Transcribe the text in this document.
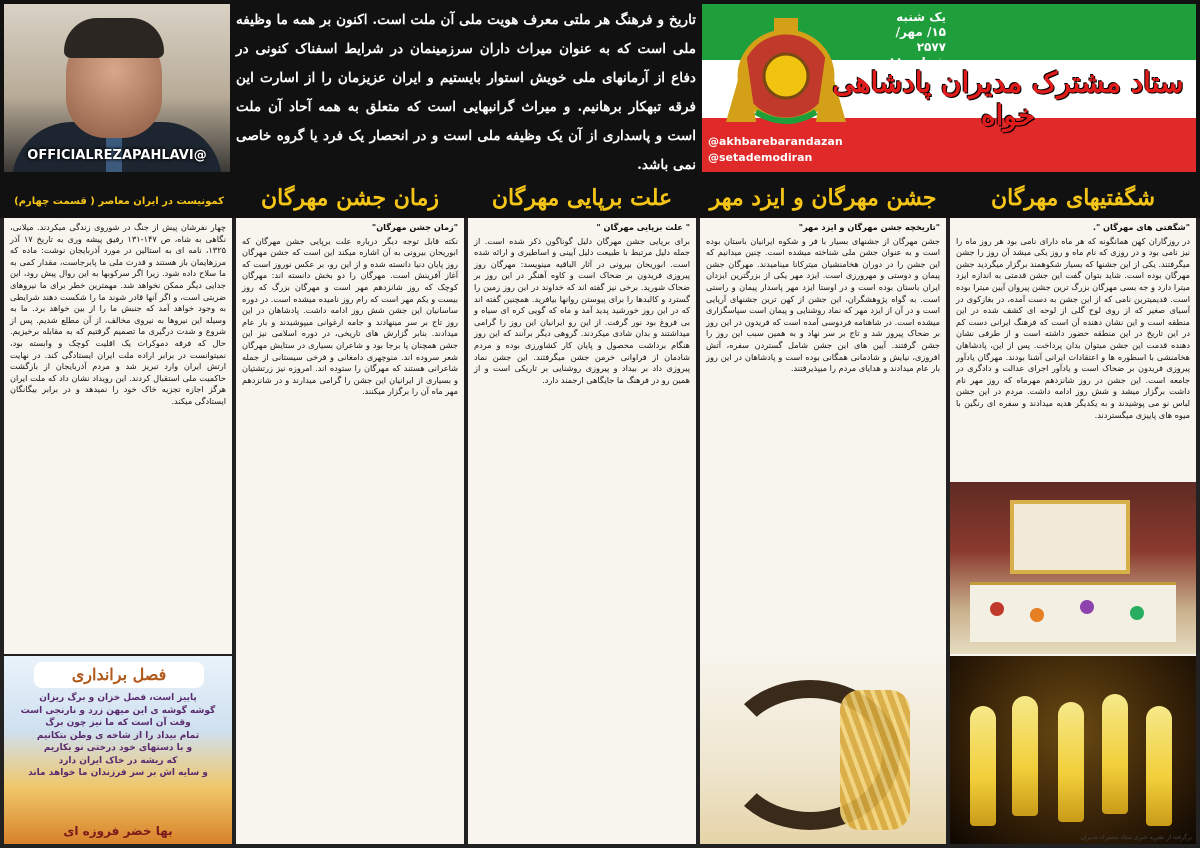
@OFFICIALREZAPAHLAVI
تاریخ و فرهنگ هر ملتی معرف هویت ملی آن ملت است. اکنون بر همه ما وظیفه ملی است که به عنوان میراث داران سرزمینمان در شرایط اسفناک کنونی در دفاع از آرمانهای ملی خویش استوار بایستیم و ایران عزیزمان را از اسارت این فرقه تبهکار برهانیم. و میراث گرانبهایی است که متعلق به همه آحاد آن ملت است و پاسداری از آن یک وظیفه ملی است و در انحصار یک فرد یا گروه خاصی نمی باشد.
یک شنبه
۱۵/ مهر/ ۲۵۷۷
شماره ۱۱
ستاد مشترک مدیران پادشاهی خواه
@akhbarebarandazan
@setademodiran
شگفتیهای مهرگان
جشن مهرگان و ایزد مهر
علت برپایی مهرگان
زمان جشن مهرگان
کمونیست در ایران معاصر ( قسمت چهارم)
"شگفتی های مهرگان ".

در روزگاران کهن همانگونه که هر ماه دارای نامی بود هر روز ماه را نیز نامی بود و در روزی که نام ماه و روز یکی میشد آن روز را جشن میگرفتند. یکی از این جشنها که بسیار شکوهمند برگزار میگردید جشن مهرگان بوده است. شاید بتوان گفت این جشن قدمتی به اندازه ایزد میترا دارد و جه بسی مهرگان بزرگ ترین جشن پیروان آیین میترا بوده است. قدیمیترین نامی که از این جشن به دست آمده، در بغازکوی در آسیای صغیر که از روی لوح گلی از لوحه ای کشف شده در این منطقه است و این نشان دهنده آن است که فرهنگ ایرانی دست کم در این تاریخ در این منطقه حضور داشته است و از طرفی نشان دهنده قدمت این جشن میتوان بدان پرداخت. پس از این، پادشاهان هخامنشی با اسطوره ها و اعتقادات ایرانی آشنا بودند. مهرگان یادآور پیروزی فریدون بر ضحاک است و یادآور اجرای عدالت و دادگری در جامعه است. این جشن در روز شانزدهم مهرماه که روز مهر نام داشت برگزار میشد و شش روز ادامه داشت. مردم در این جشن لباس نو می پوشیدند و به یکدیگر هدیه میدادند و سفره ای رنگین با میوه های پاییزی میگستردند.

"تاریخچه جشن مهرگان و ایزد مهر"

جشن مهرگان از جشنهای بسیار با فر و شکوه ایرانیان باستان بوده است و به عنوان جشن ملی شناخته میشده است. چنین میدانیم که این جشن را در دوران هخامنشیان میترکانا مینامیدند. مهرگان جشن پیمان و دوستی و مهرورزی است. ایزد مهر یکی از بزرگترین ایزدان ایران باستان بوده است و در اوستا ایزد مهر پاسدار پیمان و راستی است. به گواه پژوهشگران، این جشن از کهن ترین جشنهای آریایی است و در آن از ایزد مهر که نماد روشنایی و پیمان است سپاسگزاری میشده است. در شاهنامه فردوسی آمده است که فریدون در این روز بر ضحاک پیروز شد و تاج بر سر نهاد و به همین سبب این روز را جشن گرفتند. آیین های این جشن شامل گستردن سفره، آتش افروزی، نیایش و شادمانی همگانی بوده است و پادشاهان در این روز بار عام میدادند و هدایای مردم را میپذیرفتند.

" علت برپایی مهرگان "

برای برپایی جشن مهرگان دلیل گوناگون ذکر شده است. از جمله دلیل مرتبط با طبیعت دلیل آیینی و اساطیری و ارائه شده است. ابوریحان بیرونی در آثار الباقیه مینویسد: مهرگان روز پیروزی فریدون بر ضحاک است و کاوه آهنگر در این روز بر ضحاک شورید. برخی نیز گفته اند که خداوند در این روز زمین را گسترد و کالبدها را برای پیوستن روانها بیافرید. همچنین گفته اند که در این روز خورشید پدید آمد و ماه که گویی کره ای سیاه و بی فروغ بود نور گرفت. از این رو ایرانیان این روز را گرامی میداشتند و بدان شادی میکردند. گروهی دیگر برآنند که این روز هنگام برداشت محصول و پایان کار کشاورزی بوده و مردم شادمان از فراوانی خرمن جشن میگرفتند. این جشن نماد پیروزی داد بر بیداد و پیروزی روشنایی بر تاریکی است و از همین رو در فرهنگ ما جایگاهی ارجمند دارد.

"زمان جشن مهرگان"

نکته قابل توجه دیگر درباره علت برپایی جشن مهرگان که ابوریحان بیرونی به آن اشاره میکند این است که جشن مهرگان روز پایان دنیا دانسته شده و از این رو، بر عکس نوروز است که آغاز آفرینش است. مهرگان را دو بخش دانسته اند: مهرگان کوچک که روز شانزدهم مهر است و مهرگان بزرگ که روز بیست و یکم مهر است که رام روز نامیده میشده است. در دوره ساسانیان این جشن شش روز ادامه داشت. پادشاهان در این روز تاج بر سر مینهادند و جامه ارغوانی میپوشیدند و بار عام میدادند. بنابر گزارش های تاریخی، در دوره اسلامی نیز این جشن همچنان پا برجا بود و شاعران بسیاری در ستایش مهرگان شعر سروده اند. منوچهری دامغانی و فرخی سیستانی از جمله شاعرانی هستند که مهرگان را ستوده اند. امروزه نیز زرتشتیان و بسیاری از ایرانیان این جشن را گرامی میدارند و در شانزدهم مهر ماه آن را برگزار میکنند.

چهار نفرشان پیش از جنگ در شوروی زندگی میکردند. میلانی، نگاهی به شاه، ص ۱۴۷-۱۳۱ رفیق پیشه وری به تاریخ ۱۷ آذر ۱۳۲۵، نامه ای به استالین در مورد آذربایجان نوشت: ماده که مرزهایمان باز هستند و قدرت ملی ما پابرجاست، مقدار کمی به ما سلاح داده شود. زیرا اگر سرکوبها به این روال پیش رود، این جدایی دیگر ممکن نخواهد شد. مهمترین خطر برای ما نیروهای ضربتی است، و اگر آنها قادر شوند ما را شکست دهند شرایطی به وجود خواهد آمد که جنبش ما را از بین خواهد برد. ما به وسیله این نیروها به نیروی مخالف، از آن مطلع شدیم. پس از شروع و شدت درگیری ما تصمیم گرفتیم که به مقابله برخیزیم. حال که فرقه دموکرات یک اقلیت کوچک و وابسته بود، نمیتوانست در برابر اراده ملت ایران ایستادگی کند. در نهایت ارتش ایران وارد تبریز شد و مردم آذربایجان از بازگشت حاکمیت ملی استقبال کردند. این رویداد نشان داد که ملت ایران هرگز اجازه تجزیه خاک خود را نمیدهد و در برابر بیگانگان ایستادگی میکند.

فصل برانداری
پاییز است، فصل خزان و برگ ریزان
گوشه گوشه ی این میهن زرد و نارنجی است
وقت آن است که ما نیز چون برگ
تمام بیداد را از شاخه ی وطن بتکانیم
و با دستهای خود درختی نو بکاریم
که ریشه در خاک ایران دارد
و سایه اش بر سر فرزندان ما خواهد ماند
بها خضر فروزه ای	برگرفته از نشریه خبری ستاد مشترک مدیران
